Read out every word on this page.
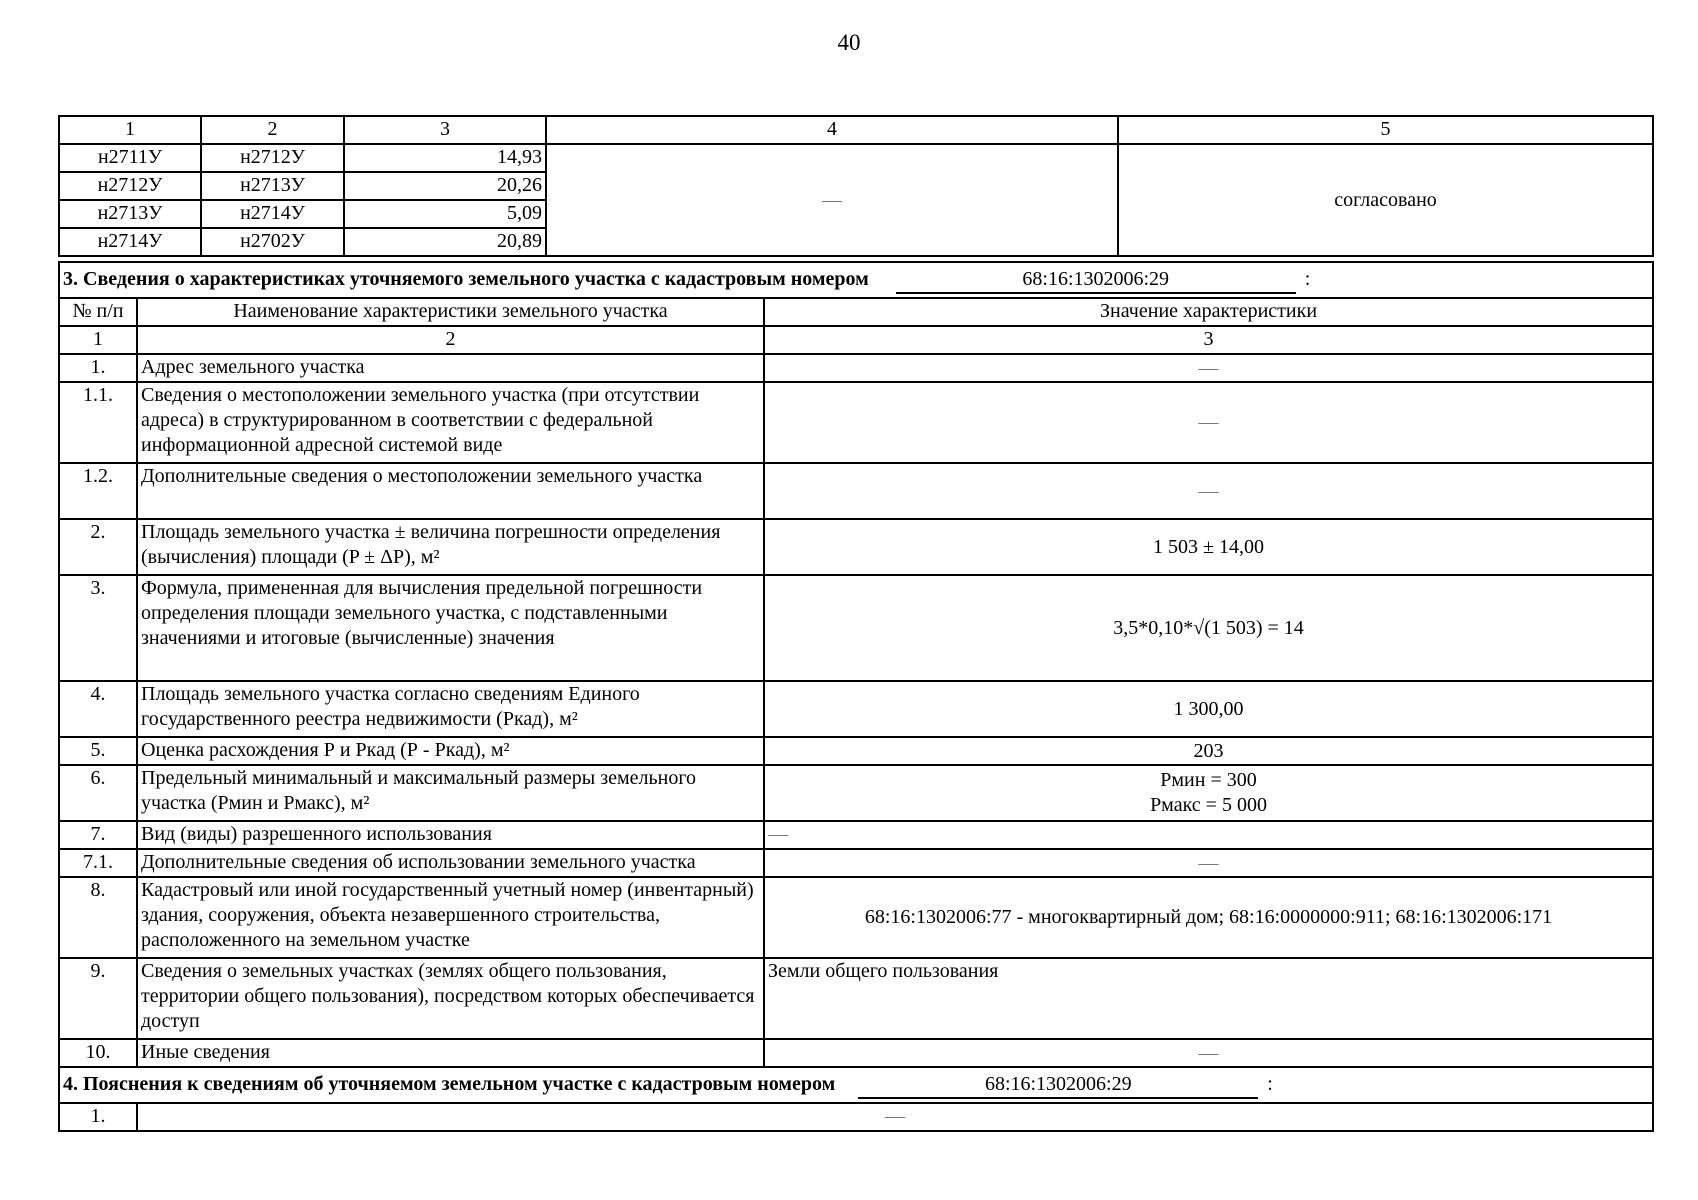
40
1	2	3	4	5
н2711У	н2712У	14,93	—	согласовано
н2712У	н2713У	20,26		
н2713У	н2714У	5,09		
н2714У	н2702У	20,89		
3. Сведения о характеристиках уточняемого земельного участка с кадастровым номером 68:16:1302006:29 :		
№ п/п	Наименование характеристики земельного участка	Значение характеристики
1	2	3
1.	Адрес земельного участка	—
1.1.	Сведения о местоположении земельного участка (при отсутствии адреса) в структурированном в соответствии с федеральной информационной адресной системой виде	—
1.2.	Дополнительные сведения о местоположении земельного участка	—
2.	Площадь земельного участка ± величина погрешности определения (вычисления) площади (P ± ΔP), м²	1 503 ± 14,00
3.	Формула, примененная для вычисления предельной погрешности определения площади земельного участка, с подставленными значениями и итоговые (вычисленные) значения	3,5*0,10*√(1 503) = 14
4.	Площадь земельного участка согласно сведениям Единого государственного реестра недвижимости (Ркад), м²	1 300,00
5.	Оценка расхождения Р и Ркад (Р - Ркад), м²	203
6.	Предельный минимальный и максимальный размеры земельного участка (Рмин и Рмакс), м²	Рмин = 300
Рмакс = 5 000

7.	Вид (виды) разрешенного использования	—
7.1.	Дополнительные сведения об использовании земельного участка	—
8.	Кадастровый или иной государственный учетный номер (инвентарный) здания, сооружения, объекта незавершенного строительства, расположенного на земельном участке	68:16:1302006:77 - многоквартирный дом; 68:16:0000000:911; 68:16:1302006:171
9.	Сведения о земельных участках (землях общего пользования, территории общего пользования), посредством которых обеспечивается доступ	Земли общего пользования
10.	Иные сведения	—
4. Пояснения к сведениям об уточняемом земельном участке с кадастровым номером 68:16:1302006:29 :		
1.	—	
